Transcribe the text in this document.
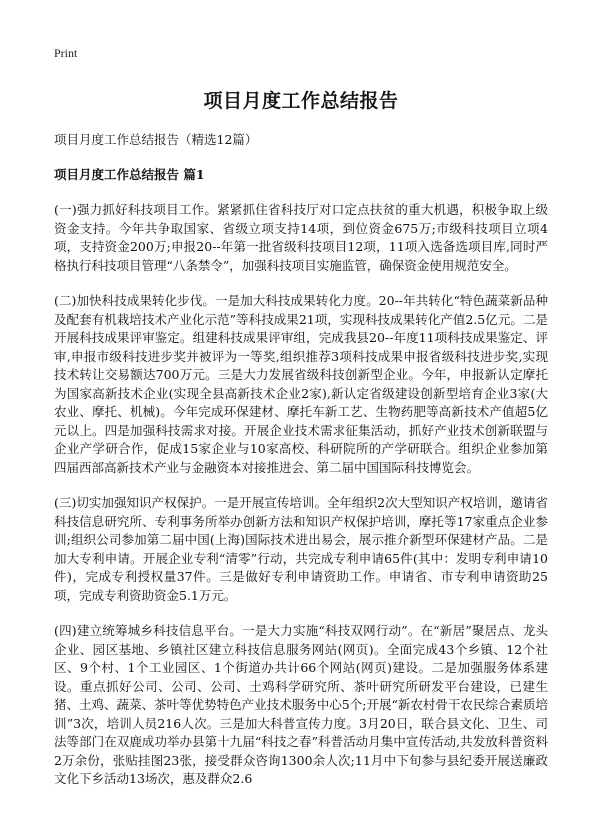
Print
项目月度工作总结报告
项目月度工作总结报告（精选12篇）
项目月度工作总结报告 篇1

(一)强力抓好科技项目工作。紧紧抓住省科技厅对口定点扶贫的重大机遇，积极争取上级资金支持。今年共争取国家、省级立项支持14项，到位资金675万;市级科技项目立项4项，支持资金200万;申报20--年第一批省级科技项目12项，11项入选备选项目库,同时严格执行科技项目管理“八条禁令”，加强科技项目实施监管，确保资金使用规范安全。

(二)加快科技成果转化步伐。一是加大科技成果转化力度。20--年共转化“特色蔬菜新品种及配套有机栽培技术产业化示范”等科技成果21项，实现科技成果转化产值2.5亿元。二是开展科技成果评审鉴定。组建科技成果评审组，完成我县20--年度11项科技成果鉴定、评审,申报市级科技进步奖并被评为一等奖,组织推荐3项科技成果申报省级科技进步奖,实现技术转让交易额达700万元。三是大力发展省级科技创新型企业。今年，申报新认定摩托为国家高新技术企业(实现全县高新技术企业2家),新认定省级建设创新型培育企业3家(大农业、摩托、机械)。今年完成环保建材、摩托车新工艺、生物药肥等高新技术产值超5亿元以上。四是加强科技需求对接。开展企业技术需求征集活动，抓好产业技术创新联盟与企业产学研合作，促成15家企业与10家高校、科研院所的产学研联合。组织企业参加第四届西部高新技术产业与金融资本对接推进会、第二届中国国际科技博览会。

(三)切实加强知识产权保护。一是开展宣传培训。全年组织2次大型知识产权培训，邀请省科技信息研究所、专利事务所举办创新方法和知识产权保护培训，摩托等17家重点企业参训;组织公司参加第二届中国(上海)国际技术进出易会，展示推介新型环保建材产品。二是加大专利申请。开展企业专利“清零”行动，共完成专利申请65件(其中：发明专利申请10件)，完成专利授权量37件。三是做好专利申请资助工作。申请省、市专利申请资助25项，完成专利资助资金5.1万元。

(四)建立统筹城乡科技信息平台。一是大力实施“科技双网行动”。在“新居”聚居点、龙头企业、园区基地、乡镇社区建立科技信息服务网站(网页)。全面完成43个乡镇、12个社区、9个村、1个工业园区、1个街道办共计66个网站(网页)建设。二是加强服务体系建设。重点抓好公司、公司、公司、土鸡科学研究所、茶叶研究所研发平台建设，已建生猪、土鸡、蔬菜、茶叶等优势特色产业技术服务中心5个;开展“新农村骨干农民综合素质培训”3次，培训人员216人次。三是加大科普宣传力度。3月20日，联合县文化、卫生、司法等部门在双鹿成功举办县第十九届“科技之春”科普活动月集中宣传活动,共发放科普资料2万余份，张贴挂图23张，接受群众咨询1300余人次;11月中下旬参与县纪委开展送廉政文化下乡活动13场次，惠及群众2.6
